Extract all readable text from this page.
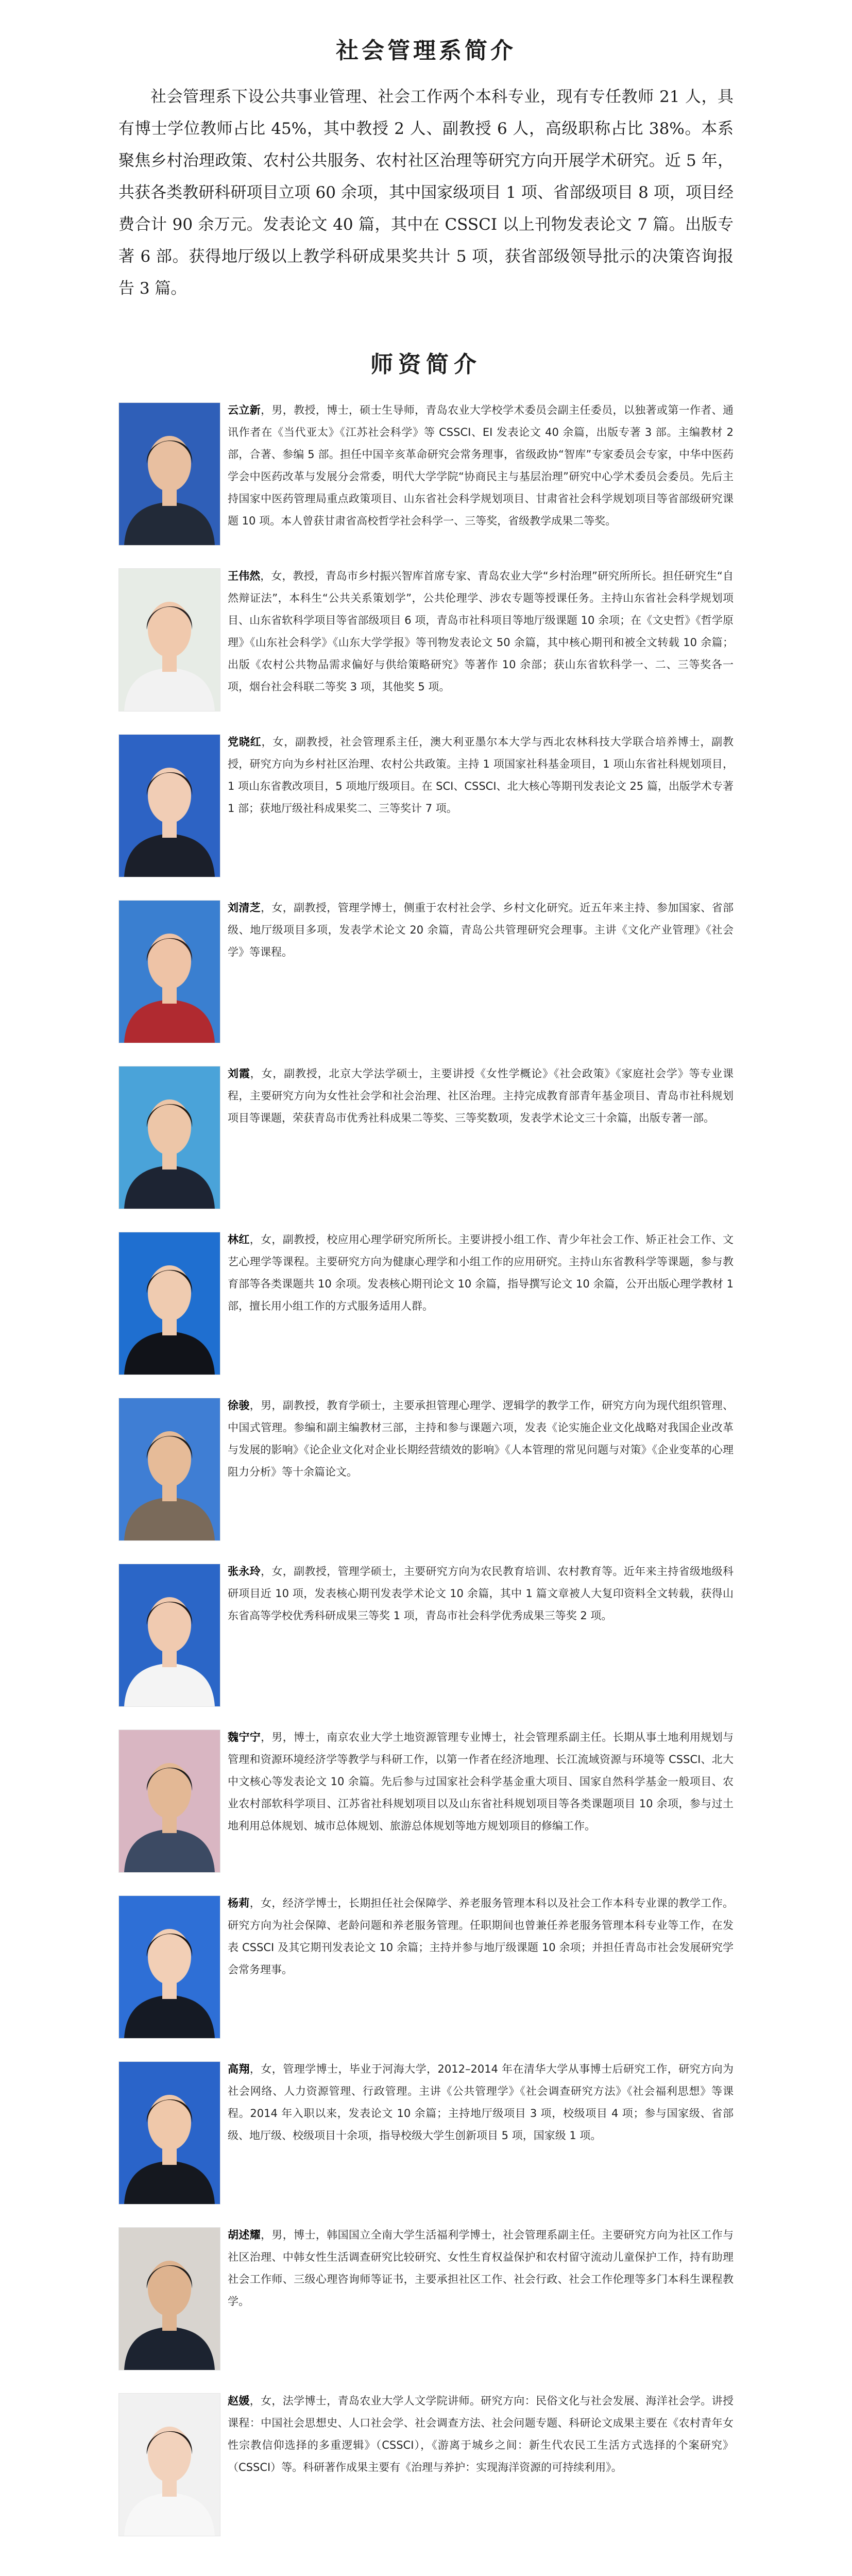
社会管理系简介

社会管理系下设公共事业管理、社会工作两个本科专业，现有专任教师 21 人，具有博士学位教师占比 45%，其中教授 2 人、副教授 6 人，高级职称占比 38%。本系聚焦乡村治理政策、农村公共服务、农村社区治理等研究方向开展学术研究。近 5 年，共获各类教研科研项目立项 60 余项，其中国家级项目 1 项、省部级项目 8 项，项目经费合计 90 余万元。发表论文 40 篇，其中在 CSSCI 以上刊物发表论文 7 篇。出版专著 6 部。获得地厅级以上教学科研成果奖共计 5 项，获省部级领导批示的决策咨询报告 3 篇。

师资简介

云立新，男，教授，博士，硕士生导师，青岛农业大学校学术委员会副主任委员，以独著或第一作者、通讯作者在《当代亚太》《江苏社会科学》等 CSSCI、EI 发表论文 40 余篇，出版专著 3 部。主编教材 2 部，合著、参编 5 部。担任中国辛亥革命研究会常务理事，省级政协“智库”专家委员会专家，中华中医药学会中医药改革与发展分会常委，明代大学学院“协商民主与基层治理”研究中心学术委员会委员。先后主持国家中医药管理局重点政策项目、山东省社会科学规划项目、甘肃省社会科学规划项目等省部级研究课题 10 项。本人曾获甘肃省高校哲学社会科学一、三等奖，省级教学成果二等奖。

王伟然，女，教授，青岛市乡村振兴智库首席专家、青岛农业大学“乡村治理”研究所所长。担任研究生“自然辩证法”，本科生“公共关系策划学”，公共伦理学、涉农专题等授课任务。主持山东省社会科学规划项目、山东省软科学项目等省部级项目 6 项，青岛市社科项目等地厅级课题 10 余项；在《文史哲》《哲学原理》《山东社会科学》《山东大学学报》等刊物发表论文 50 余篇，其中核心期刊和被全文转载 10 余篇；出版《农村公共物品需求偏好与供给策略研究》等著作 10 余部；获山东省软科学一、二、三等奖各一项，烟台社会科联二等奖 3 项，其他奖 5 项。

党晓红，女，副教授，社会管理系主任，澳大利亚墨尔本大学与西北农林科技大学联合培养博士，副教授，研究方向为乡村社区治理、农村公共政策。主持 1 项国家社科基金项目，1 项山东省社科规划项目，1 项山东省教改项目，5 项地厅级项目。在 SCI、CSSCI、北大核心等期刊发表论文 25 篇，出版学术专著 1 部；获地厅级社科成果奖二、三等奖计 7 项。

刘清芝，女，副教授，管理学博士，侧重于农村社会学、乡村文化研究。近五年来主持、参加国家、省部级、地厅级项目多项，发表学术论文 20 余篇，青岛公共管理研究会理事。主讲《文化产业管理》《社会学》等课程。

刘霞，女，副教授，北京大学法学硕士，主要讲授《女性学概论》《社会政策》《家庭社会学》等专业课程，主要研究方向为女性社会学和社会治理、社区治理。主持完成教育部青年基金项目、青岛市社科规划项目等课题，荣获青岛市优秀社科成果二等奖、三等奖数项，发表学术论文三十余篇，出版专著一部。

林红，女，副教授，校应用心理学研究所所长。主要讲授小组工作、青少年社会工作、矫正社会工作、文艺心理学等课程。主要研究方向为健康心理学和小组工作的应用研究。主持山东省教科学等课题，参与教育部等各类课题共 10 余项。发表核心期刊论文 10 余篇，指导撰写论文 10 余篇，公开出版心理学教材 1 部，擅长用小组工作的方式服务适用人群。

徐骏，男，副教授，教育学硕士，主要承担管理心理学、逻辑学的教学工作，研究方向为现代组织管理、中国式管理。参编和副主编教材三部，主持和参与课题六项，发表《论实施企业文化战略对我国企业改革与发展的影响》《论企业文化对企业长期经营绩效的影响》《人本管理的常见问题与对策》《企业变革的心理阻力分析》等十余篇论文。

张永玲，女，副教授，管理学硕士，主要研究方向为农民教育培训、农村教育等。近年来主持省级地级科研项目近 10 项，发表核心期刊发表学术论文 10 余篇，其中 1 篇文章被人大复印资料全文转载，获得山东省高等学校优秀科研成果三等奖 1 项，青岛市社会科学优秀成果三等奖 2 项。

魏宁宁，男，博士，南京农业大学土地资源管理专业博士，社会管理系副主任。长期从事土地利用规划与管理和资源环境经济学等教学与科研工作，以第一作者在经济地理、长江流域资源与环境等 CSSCI、北大中文核心等发表论文 10 余篇。先后参与过国家社会科学基金重大项目、国家自然科学基金一般项目、农业农村部软科学项目、江苏省社科规划项目以及山东省社科规划项目等各类课题项目 10 余项，参与过土地利用总体规划、城市总体规划、旅游总体规划等地方规划项目的修编工作。

杨莉，女，经济学博士，长期担任社会保障学、养老服务管理本科以及社会工作本科专业课的教学工作。研究方向为社会保障、老龄问题和养老服务管理。任职期间也曾兼任养老服务管理本科专业等工作，在发表 CSSCI 及其它期刊发表论文 10 余篇；主持并参与地厅级课题 10 余项；并担任青岛市社会发展研究学会常务理事。

高翔，女，管理学博士，毕业于河海大学，2012–2014 年在清华大学从事博士后研究工作，研究方向为社会网络、人力资源管理、行政管理。主讲《公共管理学》《社会调查研究方法》《社会福利思想》等课程。2014 年入职以来，发表论文 10 余篇；主持地厅级项目 3 项，校级项目 4 项；参与国家级、省部级、地厅级、校级项目十余项，指导校级大学生创新项目 5 项，国家级 1 项。

胡述耀，男，博士，韩国国立全南大学生活福利学博士，社会管理系副主任。主要研究方向为社区工作与社区治理、中韩女性生活调查研究比较研究、女性生育权益保护和农村留守流动儿童保护工作，持有助理社会工作师、三级心理咨询师等证书，主要承担社区工作、社会行政、社会工作伦理等多门本科生课程教学。

赵媛，女，法学博士，青岛农业大学人文学院讲师。研究方向：民俗文化与社会发展、海洋社会学。讲授课程：中国社会思想史、人口社会学、社会调查方法、社会问题专题、科研论文成果主要在《农村青年女性宗教信仰选择的多重逻辑》（CSSCI），《游离于城乡之间：新生代农民工生活方式选择的个案研究》（CSSCI）等。科研著作成果主要有《治理与养护：实现海洋资源的可持续利用》。
